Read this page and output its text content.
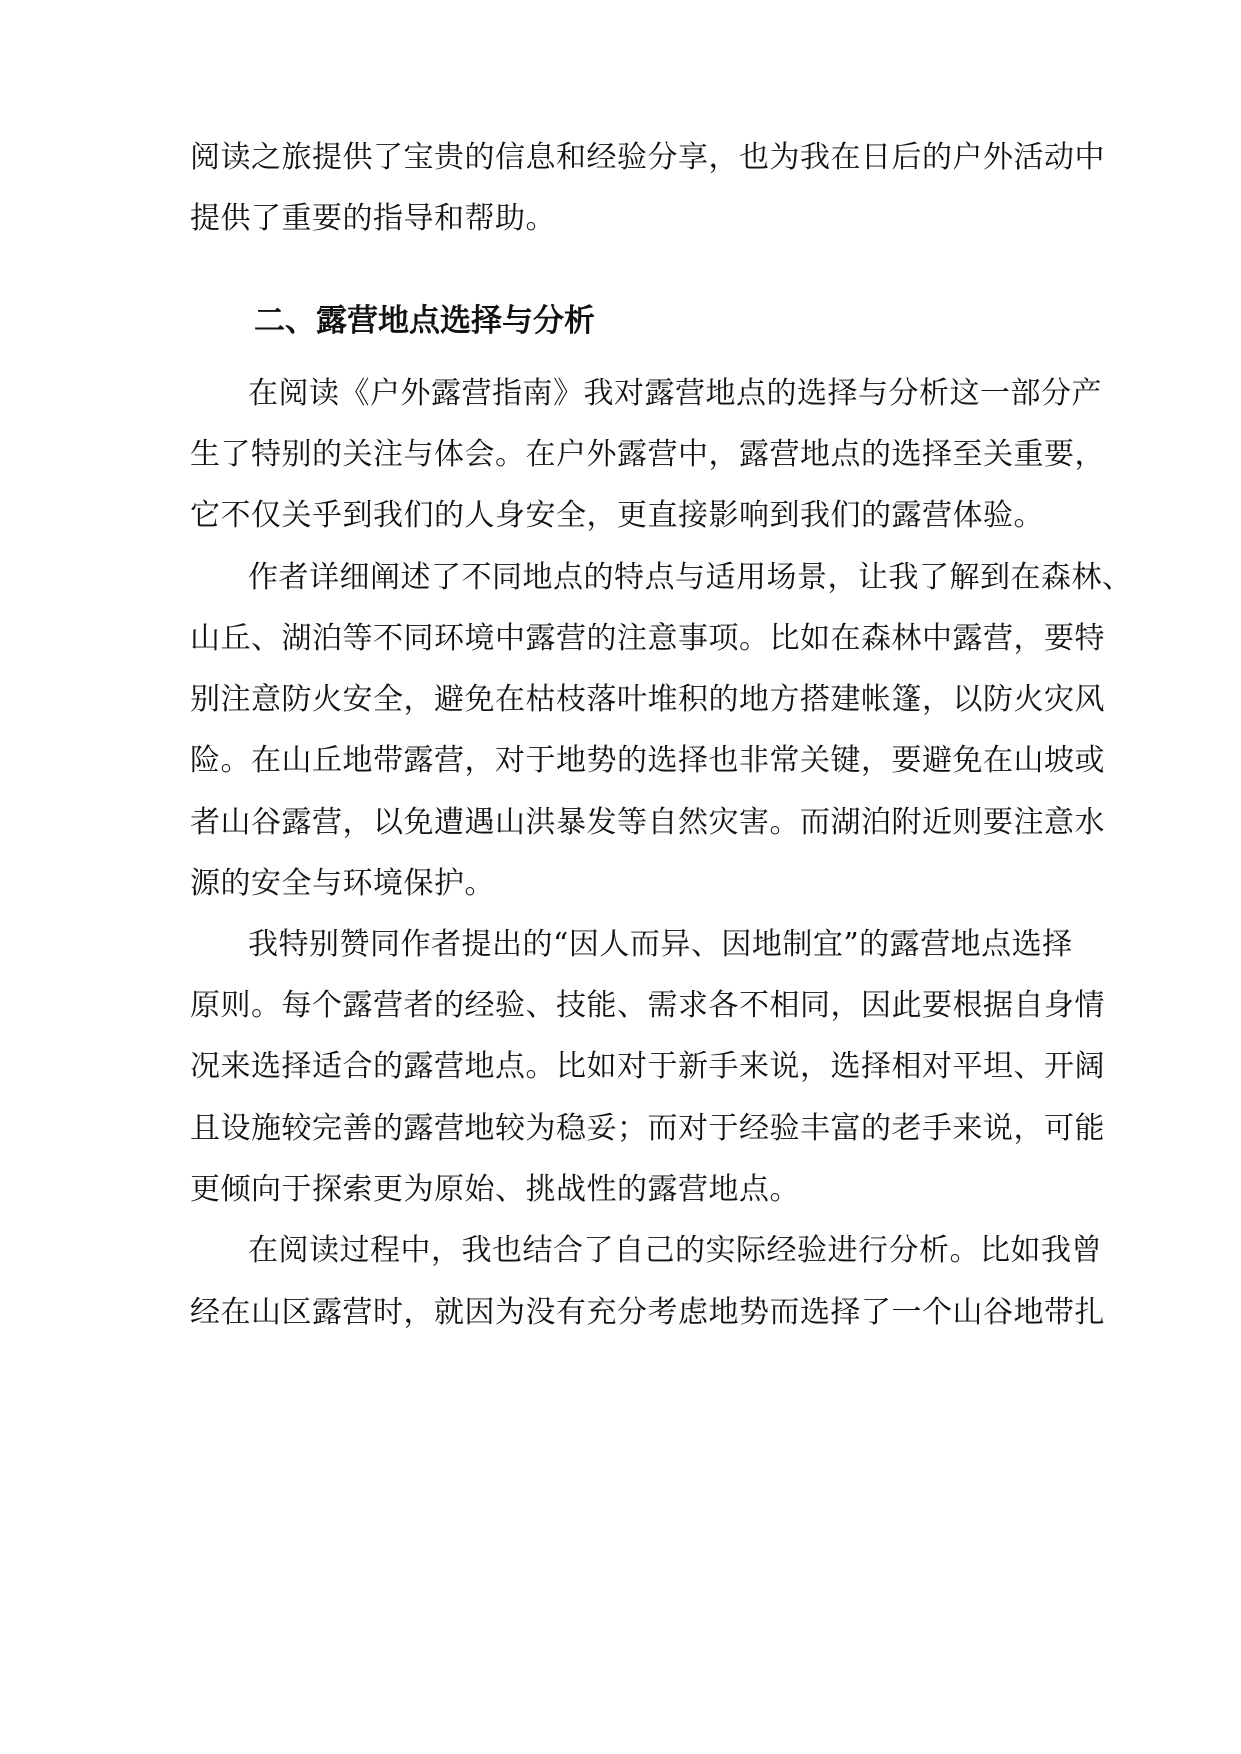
阅读之旅提供了宝贵的信息和经验分享，也为我在日后的户外活动中
提供了重要的指导和帮助。
二、露营地点选择与分析
在阅读《户外露营指南》我对露营地点的选择与分析这一部分产
生了特别的关注与体会。在户外露营中，露营地点的选择至关重要，
它不仅关乎到我们的人身安全，更直接影响到我们的露营体验。
作者详细阐述了不同地点的特点与适用场景，让我了解到在森林、
山丘、湖泊等不同环境中露营的注意事项。比如在森林中露营，要特
别注意防火安全，避免在枯枝落叶堆积的地方搭建帐篷，以防火灾风
险。在山丘地带露营，对于地势的选择也非常关键，要避免在山坡或
者山谷露营，以免遭遇山洪暴发等自然灾害。而湖泊附近则要注意水
源的安全与环境保护。
我特别赞同作者提出的“因人而异、因地制宜”的露营地点选择
原则。每个露营者的经验、技能、需求各不相同，因此要根据自身情
况来选择适合的露营地点。比如对于新手来说，选择相对平坦、开阔
且设施较完善的露营地较为稳妥；而对于经验丰富的老手来说，可能
更倾向于探索更为原始、挑战性的露营地点。
在阅读过程中，我也结合了自己的实际经验进行分析。比如我曾
经在山区露营时，就因为没有充分考虑地势而选择了一个山谷地带扎
